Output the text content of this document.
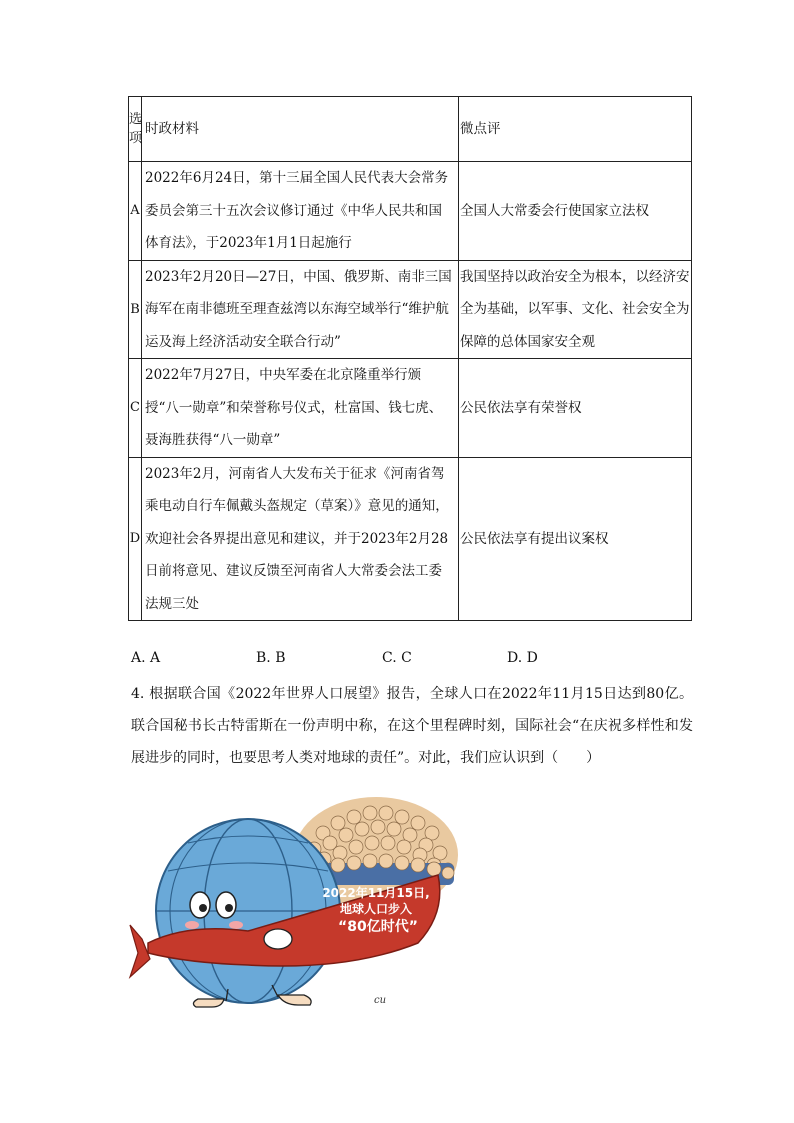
选项	时政材料	微点评
A	2022年6月24日，第十三届全国人民代表大会常务委员会第三十五次会议修订通过《中华人民共和国体育法》，于2023年1月1日起施行	全国人大常委会行使国家立法权
B	2023年2月20日—27日，中国、俄罗斯、南非三国海军在南非德班至理查兹湾以东海空域举行“维护航运及海上经济活动安全联合行动”	我国坚持以政治安全为根本，以经济安全为基础，以军事、文化、社会安全为保障的总体国家安全观
C	2022年7月27日，中央军委在北京隆重举行颁授“八一勋章”和荣誉称号仪式，杜富国、钱七虎、聂海胜获得“八一勋章”	公民依法享有荣誉权
D	2023年2月，河南省人大发布关于征求《河南省驾乘电动自行车佩戴头盔规定（草案）》意见的通知，欢迎社会各界提出意见和建议，并于2023年2月28日前将意见、建议反馈至河南省人大常委会法工委法规三处	公民依法享有提出议案权
A. A	B. B	C. C	D. D
4. 根据联合国《2022年世界人口展望》报告，全球人口在2022年11月15日达到80亿。联合国秘书长古特雷斯在一份声明中称，在这个里程碑时刻，国际社会“在庆祝多样性和发展进步的同时，也要思考人类对地球的责任”。对此，我们应认识到（　　）
2022年11月15日,
地球人口步入
“80亿时代”
cu
